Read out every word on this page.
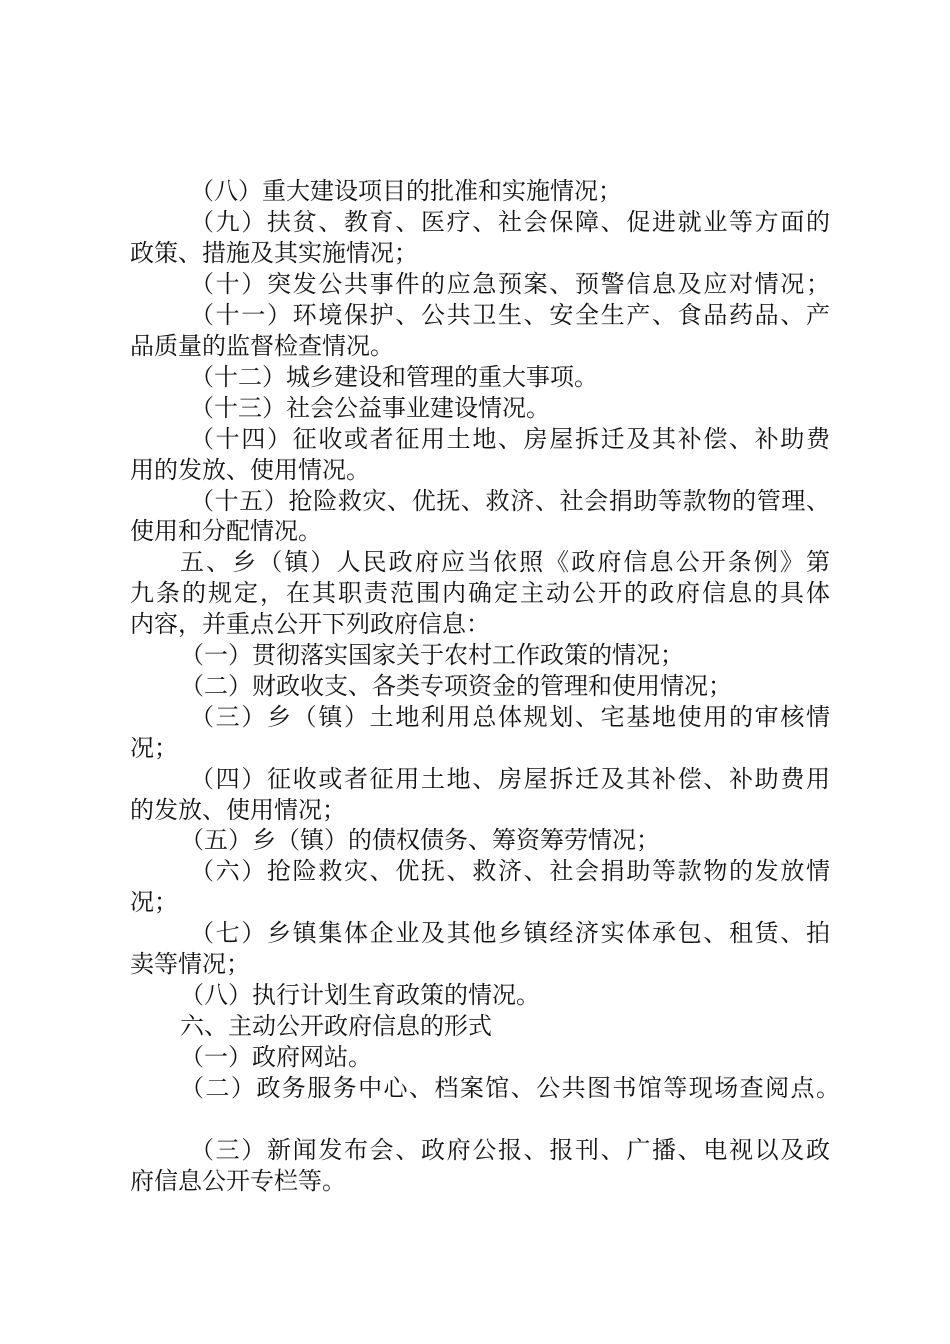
（八）重大建设项目的批准和实施情况；
（九）扶贫、教育、医疗、社会保障、促进就业等方面的
政策、措施及其实施情况；
（十）突发公共事件的应急预案、预警信息及应对情况；
（十一）环境保护、公共卫生、安全生产、食品药品、产
品质量的监督检查情况。
（十二）城乡建设和管理的重大事项。
（十三）社会公益事业建设情况。
（十四）征收或者征用土地、房屋拆迁及其补偿、补助费
用的发放、使用情况。
（十五）抢险救灾、优抚、救济、社会捐助等款物的管理、
使用和分配情况。
五、乡（镇）人民政府应当依照《政府信息公开条例》第
九条的规定，在其职责范围内确定主动公开的政府信息的具体
内容，并重点公开下列政府信息：
（一）贯彻落实国家关于农村工作政策的情况；
（二）财政收支、各类专项资金的管理和使用情况；
（三）乡（镇）土地利用总体规划、宅基地使用的审核情
况；
（四）征收或者征用土地、房屋拆迁及其补偿、补助费用
的发放、使用情况；
（五）乡（镇）的债权债务、筹资筹劳情况；
（六）抢险救灾、优抚、救济、社会捐助等款物的发放情
况；
（七）乡镇集体企业及其他乡镇经济实体承包、租赁、拍
卖等情况；
（八）执行计划生育政策的情况。
六、主动公开政府信息的形式
（一）政府网站。
（二）政务服务中心、档案馆、公共图书馆等现场查阅点。
（三）新闻发布会、政府公报、报刊、广播、电视以及政
府信息公开专栏等。
